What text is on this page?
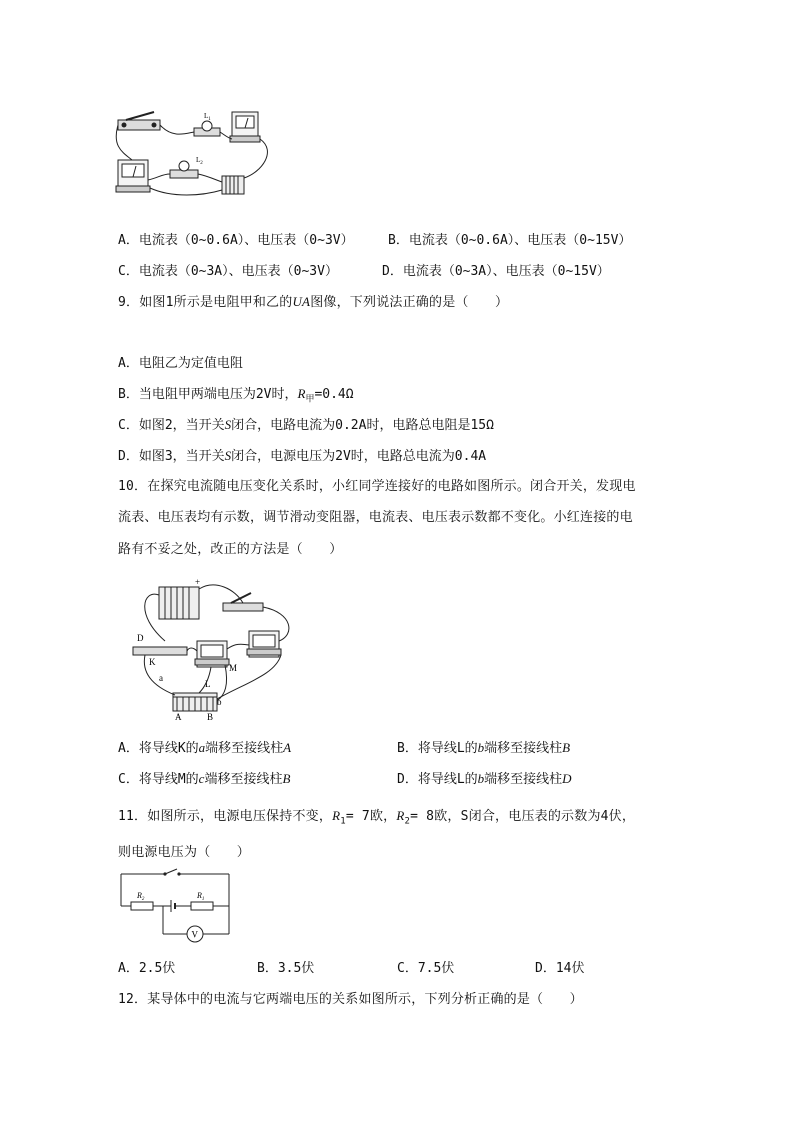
$L_1$
$L_2$
A．电流表（0~0.6A）、电压表（0~3V）	B．电流表（0~0.6A）、电压表（0~15V）
C．电流表（0~3A）、电压表（0~3V）	D．电流表（0~3A）、电压表（0~15V）
9．如图1所示是电阻甲和乙的UA图像，下列说法正确的是（　　）
A．电阻乙为定值电阻
B．当电阻甲两端电压为2V时，$R_甲=0.4\Omega$
C．如图2，当开关S闭合，电路电流为0.2A时，电路总电阻是15Ω
D．如图3，当开关S闭合，电源电压为2V时，电路总电流为0.4A
10．在探究电流随电压变化关系时，小红同学连接好的电路如图所示。闭合开关，发现电
流表、电压表均有示数，调节滑动变阻器，电流表、电压表示数都不变化。小红连接的电
路有不妥之处，改正的方法是（　　）
+
D
K
a
M
L
b
A	B
A．将导线K的a端移至接线柱A	B．将导线L的b端移至接线柱B
C．将导线M的c端移至接线柱B	D．将导线L的b端移至接线柱D
11．如图所示，电源电压保持不变，$R_1= 7$欧，$R_2= 8$欧，S闭合，电压表的示数为4伏，
则电源电压为（　　）
$R_2$	$R_1$
V
A．2.5伏	B．3.5伏	C．7.5伏	D．14伏
12．某导体中的电流与它两端电压的关系如图所示，下列分析正确的是（　　）
